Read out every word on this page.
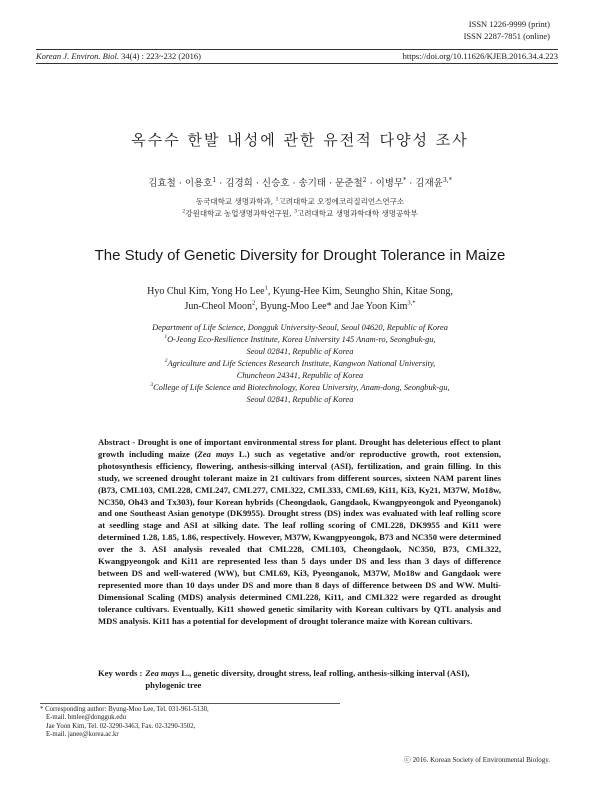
ISSN 1226-9999 (print)
ISSN 2287-7851 (online)
Korean J. Environ. Biol. 34(4) : 223~232 (2016)	https://doi.org/10.11626/KJEB.2016.34.4.223
옥수수 한발 내성에 관한 유전적 다양성 조사
김효철 · 이용호$^1$ · 김경희 · 신승호 · 송기태 · 문준철$^2$ · 이병무* · 김재윤$^{3,*}$
동국대학교 생명과학과, $^1$고려대학교 오정에코리질리언스연구소
$^2$강원대학교 농업생명과학연구원, $^3$고려대학교 생명과학대학 생명공학부
The Study of Genetic Diversity for Drought Tolerance in Maize
Hyo Chul Kim, Yong Ho Lee$^1$, Kyung-Hee Kim, Seungho Shin, Kitae Song,
Jun-Cheol Moon$^2$, Byung-Moo Lee* and Jae Yoon Kim$^{3,*}$
Department of Life Science, Dongguk University-Seoul, Seoul 04620, Republic of Korea
$^1$O-Jeong Eco-Resilience Institute, Korea University 145 Anam-ro, Seongbuk-gu,
Seoul 02841, Republic of Korea
$^2$Agriculture and Life Sciences Research Institute, Kangwon National University,
Chuncheon 24341, Republic of Korea
$^3$College of Life Science and Biotechnology, Korea University, Anam-dong, Seongbuk-gu,
Seoul 02841, Republic of Korea
Abstract - Drought is one of important environmental stress for plant. Drought has deleterious effect to plant growth including maize (Zea mays L.) such as vegetative and/or reproductive growth, root extension, photosynthesis efficiency, flowering, anthesis-silking interval (ASI), fertilization, and grain filling. In this study, we screened drought tolerant maize in 21 cultivars from different sources, sixteen NAM parent lines (B73, CML103, CML228, CML247, CML277, CML322, CML333, CML69, Ki11, Ki3, Ky21, M37W, Mo18w, NC350, Oh43 and Tx303), four Korean hybrids (Cheongdaok, Gangdaok, Kwangpyeongok and Pyeonganok) and one Southeast Asian genotype (DK9955). Drought stress (DS) index was evaluated with leaf rolling score at seedling stage and ASI at silking date. The leaf rolling scoring of CML228, DK9955 and Ki11 were determined 1.28, 1.85, 1.86, respectively. However, M37W, Kwangpyeongok, B73 and NC350 were determined over the 3. ASI analysis revealed that CML228, CML103, Cheongdaok, NC350, B73, CML322, Kwangpyeongok and Ki11 are represented less than 5 days under DS and less than 3 days of difference between DS and well-watered (WW), but CML69, Ki3, Pyeonganok, M37W, Mo18w and Gangdaok were represented more than 10 days under DS and more than 8 days of difference between DS and WW. Multi-Dimensional Scaling (MDS) analysis determined CML228, Ki11, and CML322 were regarded as drought tolerance cultivars. Eventually, Ki11 showed genetic similarity with Korean cultivars by QTL analysis and MDS analysis. Ki11 has a potential for development of drought tolerance maize with Korean cultivars.
Key words : Zea mays L., genetic diversity, drought stress, leaf rolling, anthesis-silking interval (ASI), phylogenic tree
* Corresponding author: Byung-Moo Lee, Tel. 031-961-5130,
E-mail. bmlee@dongguk.edu
Jae Yoon Kim, Tel. 02-3290-3463, Fax. 02-3290-3502,
E-mail. janee@korea.ac.kr
ⓒ 2016. Korean Society of Environmental Biology.
